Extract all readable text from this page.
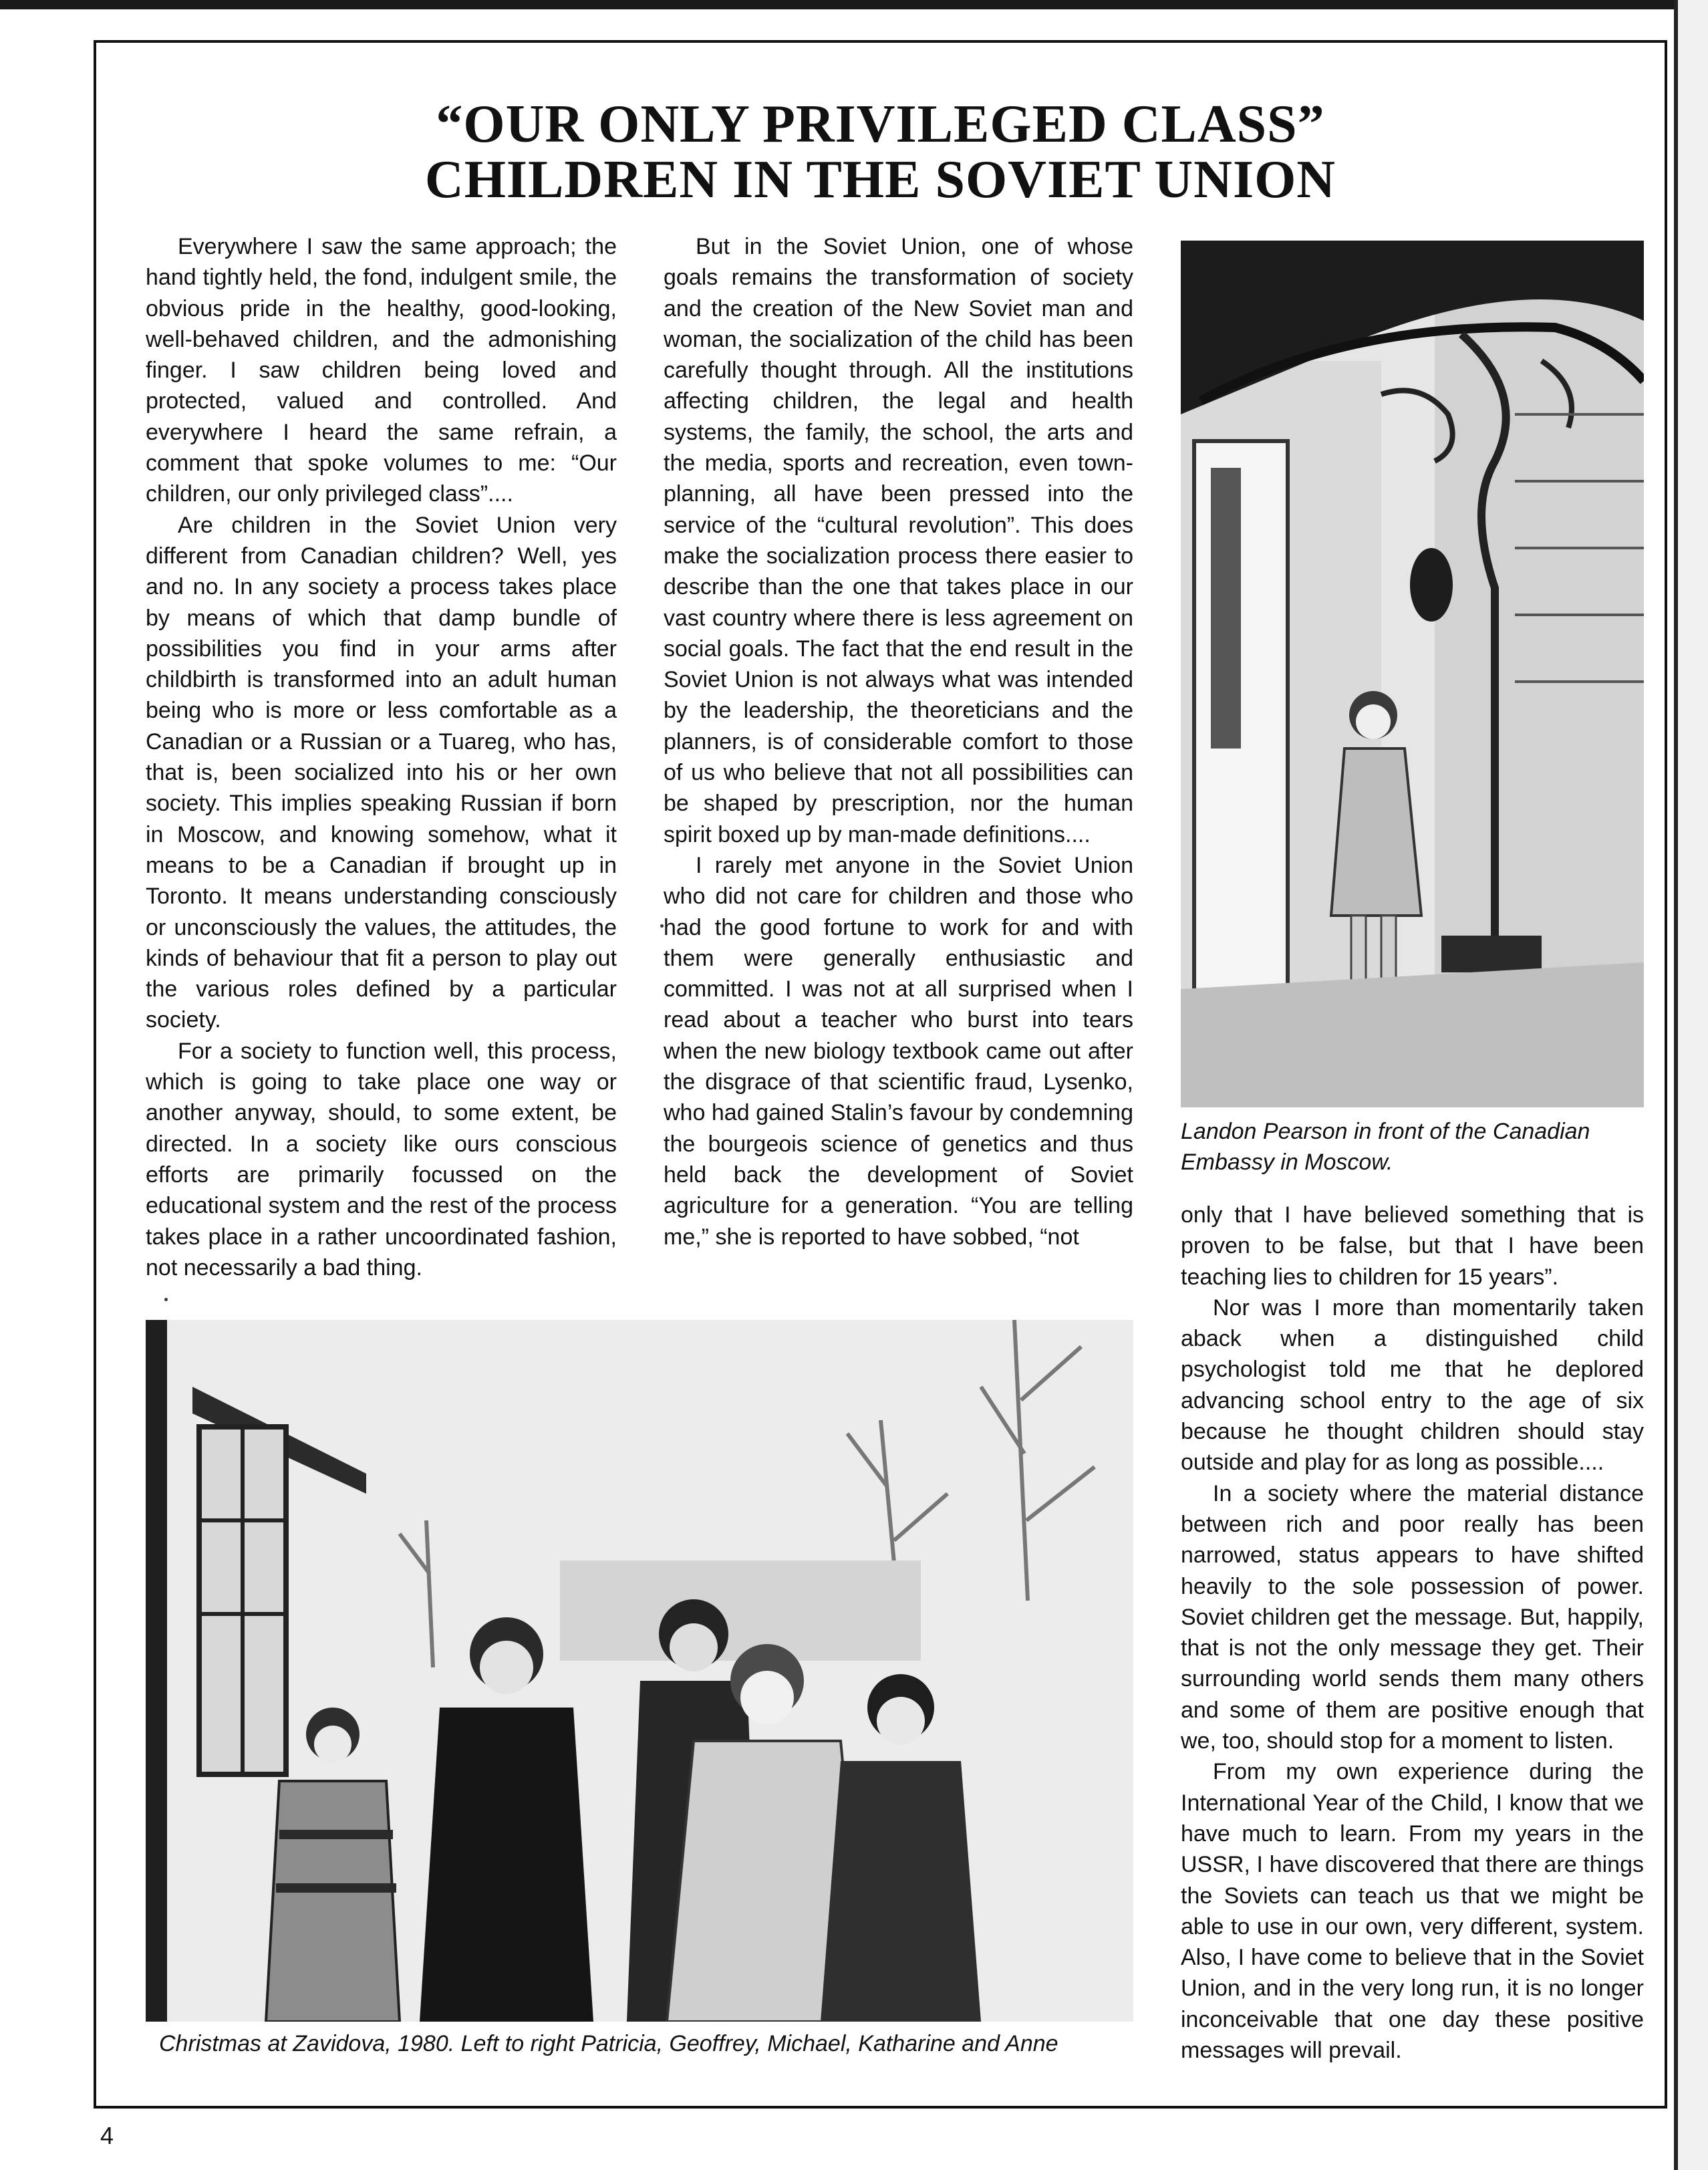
“OUR ONLY PRIVILEGED CLASS”
CHILDREN IN THE SOVIET UNION

Everywhere I saw the same approach; the hand tightly held, the fond, indulgent smile, the obvious pride in the healthy, good-looking, well-behaved children, and the admonishing finger. I saw children being loved and protected, valued and controlled. And everywhere I heard the same refrain, a comment that spoke volumes to me: “Our children, our only privileged class”....

Are children in the Soviet Union very different from Canadian children? Well, yes and no. In any society a process takes place by means of which that damp bundle of possibilities you find in your arms after childbirth is transformed into an adult human being who is more or less comfortable as a Canadian or a Russian or a Tuareg, who has, that is, been socialized into his or her own society. This implies speaking Russian if born in Moscow, and knowing somehow, what it means to be a Canadian if brought up in Toronto. It means understanding consciously or unconsciously the values, the attitudes, the kinds of behaviour that fit a person to play out the various roles defined by a particular society.

For a society to function well, this process, which is going to take place one way or another anyway, should, to some extent, be directed. In a society like ours conscious efforts are primarily focussed on the educational system and the rest of the process takes place in a rather uncoordinated fashion, not necessarily a bad thing.

But in the Soviet Union, one of whose goals remains the transformation of society and the creation of the New Soviet man and woman, the socialization of the child has been carefully thought through. All the institutions affecting children, the legal and health systems, the family, the school, the arts and the media, sports and recreation, even town-planning, all have been pressed into the service of the “cultural revolution”. This does make the socialization process there easier to describe than the one that takes place in our vast country where there is less agreement on social goals. The fact that the end result in the Soviet Union is not always what was intended by the leadership, the theoreticians and the planners, is of considerable comfort to those of us who believe that not all possibilities can be shaped by prescription, nor the human spirit boxed up by man-made definitions....

I rarely met anyone in the Soviet Union who did not care for children and those who had the good fortune to work for and with them were generally enthusiastic and committed. I was not at all surprised when I read about a teacher who burst into tears when the new biology textbook came out after the disgrace of that scientific fraud, Lysenko, who had gained Stalin’s favour by condemning the bourgeois science of genetics and thus held back the development of Soviet agriculture for a generation. “You are telling me,” she is reported to have sobbed, “not

Landon Pearson in front of the Canadian Embassy in Moscow.

only that I have believed something that is proven to be false, but that I have been teaching lies to children for 15 years”.

Nor was I more than momentarily taken aback when a distinguished child psychologist told me that he deplored advancing school entry to the age of six because he thought children should stay outside and play for as long as possible....

In a society where the material distance between rich and poor really has been narrowed, status appears to have shifted heavily to the sole possession of power. Soviet children get the message. But, happily, that is not the only message they get. Their surrounding world sends them many others and some of them are positive enough that we, too, should stop for a moment to listen.

From my own experience during the International Year of the Child, I know that we have much to learn. From my years in the USSR, I have discovered that there are things the Soviets can teach us that we might be able to use in our own, very different, system. Also, I have come to believe that in the Soviet Union, and in the very long run, it is no longer inconceivable that one day these positive messages will prevail.

Christmas at Zavidova, 1980. Left to right Patricia, Geoffrey, Michael, Katharine and Anne
4
